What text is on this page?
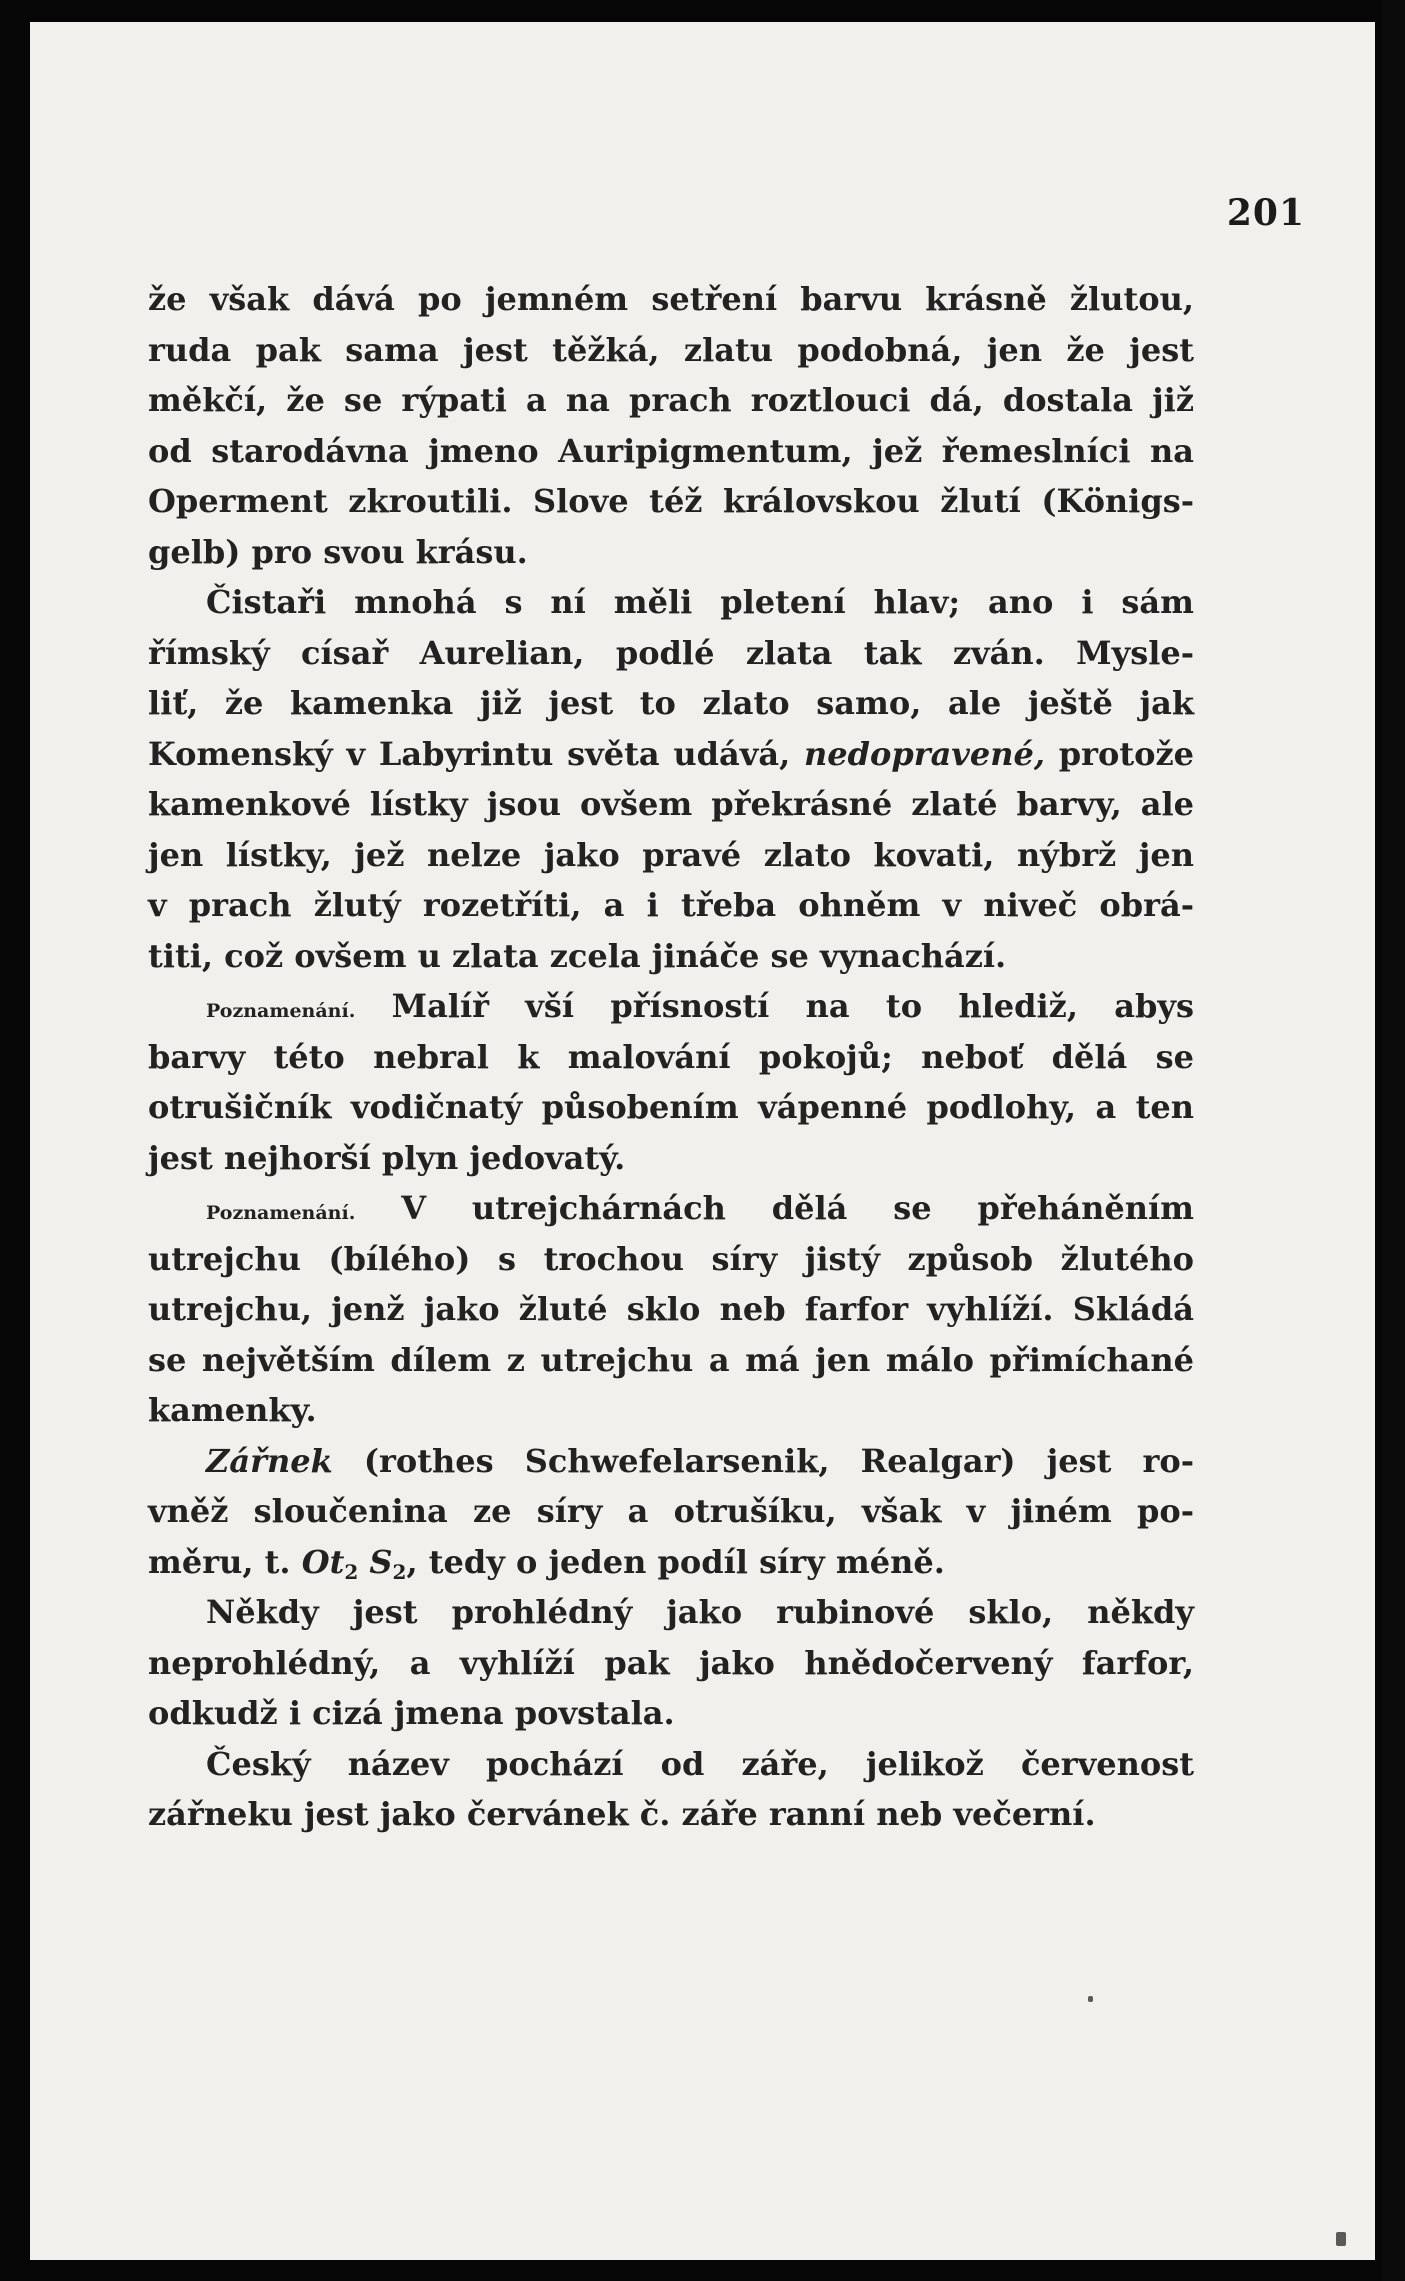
201
že však dává po jemném setření barvu krásně žlutou,
ruda pak sama jest těžká, zlatu podobná, jen že jest
měkčí, že se rýpati a na prach roztlouci dá, dostala již
od starodávna jmeno Auripigmentum, jež řemeslníci na
Operment zkroutili. Slove též královskou žlutí (Königs-
gelb) pro svou krásu.
Čistaři mnohá s ní měli pletení hlav; ano i sám
římský císař Aurelian, podlé zlata tak zván. Mysle-
liť, že kamenka již jest to zlato samo, ale ještě jak
Komenský v Labyrintu světa udává, nedopravené, protože
kamenkové lístky jsou ovšem překrásné zlaté barvy, ale
jen lístky, jež nelze jako pravé zlato kovati, nýbrž jen
v prach žlutý rozetříti, a i třeba ohněm v niveč obrá-
titi, což ovšem u zlata zcela jináče se vynachází.
Poznamenání. Malíř vší přísností na to hlediž, abys
barvy této nebral k malování pokojů; neboť dělá se
otrušičník vodičnatý působením vápenné podlohy, a ten
jest nejhorší plyn jedovatý.
Poznamenání. V utrejchárnách dělá se přeháněním
utrejchu (bílého) s trochou síry jistý způsob žlutého
utrejchu, jenž jako žluté sklo neb farfor vyhlíží. Skládá
se největším dílem z utrejchu a má jen málo přimíchané
kamenky.
Zářnek (rothes Schwefelarsenik, Realgar) jest ro-
vněž sloučenina ze síry a otrušíku, však v jiném po-
měru, t. $Ot_2$ $S_2$, tedy o jeden podíl síry méně.
Někdy jest prohlédný jako rubinové sklo, někdy
neprohlédný, a vyhlíží pak jako hnědočervený farfor,
odkudž i cizá jmena povstala.
Český název pochází od záře, jelikož červenost
zářneku jest jako červánek č. záře ranní neb večerní.
